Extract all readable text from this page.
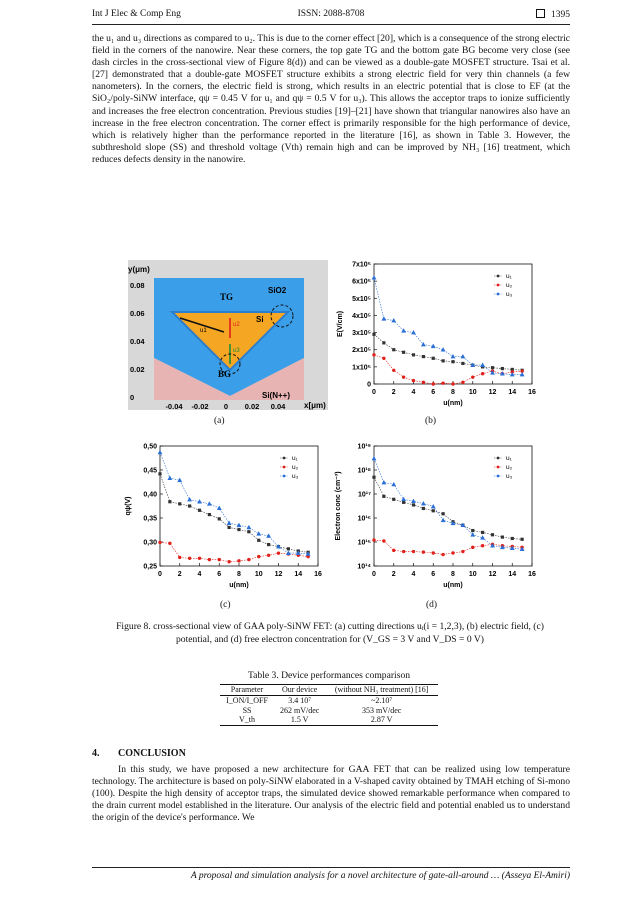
Int J Elec & Comp Eng	ISSN: 2088-8708	1395

the u₁ and u₃ directions as compared to u₂. This is due to the corner effect [20], which is a consequence of the strong electric field in the corners of the nanowire. Near these corners, the top gate TG and the bottom gate BG become very close (see dash circles in the cross-sectional view of Figure 8(d)) and can be viewed as a double-gate MOSFET structure. Tsai et al. [27] demonstrated that a double-gate MOSFET structure exhibits a strong electric field for very thin channels (a few nanometers). In the corners, the electric field is strong, which results in an electric potential that is close to EF (at the SiO₂/poly-SiNW interface, qψ = 0.45 V for u₁ and qψ = 0.5 V for u₃). This allows the acceptor traps to ionize sufficiently and increases the free electron concentration. Previous studies [19]–[21] have shown that triangular nanowires also have an increase in the free electron concentration. The corner effect is primarily responsible for the high performance of device, which is relatively higher than the performance reported in the literature [16], as shown in Table 3. However, the subthreshold slope (SS) and threshold voltage (Vth) remain high and can be improved by NH₃ [16] treatment, which reduces defects density in the nanowire.

TG
SiO2
Si
BG
Si(N++)
u1
u2
u3
y(μm)
x[μm)
0.08
0.06
0.04
0.02
0
-0.04 -0.02 0 0.02 0.04
(a)
0 2 4 6 8 10 12 14 16
0
1x10⁵
2x10⁵
3x10⁵
4x10⁵
5x10⁵
6x10⁵
7x10⁵
u(nm)
E(V/cm)
u₁
u₂
u₃
(b)
0 2 4 6 8 10 12 14 16
0,25
0,30
0,35
0,40
0,45
0,50
u(nm)
qψ(V)
u₁
u₂
u₃
(c)
0 2 4 6 8 10 12 14 16
10¹⁴
10¹⁵
10¹⁶
10¹⁷
10¹⁸
10¹⁹
u(nm)
Electron conc (cm⁻³)
u₁
u₂
u₃
(d)
Figure 8. cross-sectional view of GAA poly-SiNW FET: (a) cutting directions uᵢ(i = 1,2,3), (b) electric field, (c) potential, and (d) free electron concentration for (V_GS = 3 V and V_DS = 0 V)
Table 3. Device performances comparison
Parameter	Our device	(without NH₃ treatment) [16]
I_ON/I_OFF	3.4 10⁷	~2.10⁷
SS	262 mV/dec	353 mV/dec
V_th	1.5 V	2.87 V
4. CONCLUSION

In this study, we have proposed a new architecture for GAA FET that can be realized using low temperature technology. The architecture is based on poly-SiNW elaborated in a V-shaped cavity obtained by TMAH etching of Si-mono (100). Despite the high density of acceptor traps, the simulated device showed remarkable performance when compared to the drain current model established in the literature. Our analysis of the electric field and potential enabled us to understand the origin of the device's performance. We

A proposal and simulation analysis for a novel architecture of gate-all-around … (Asseya El-Amiri)
